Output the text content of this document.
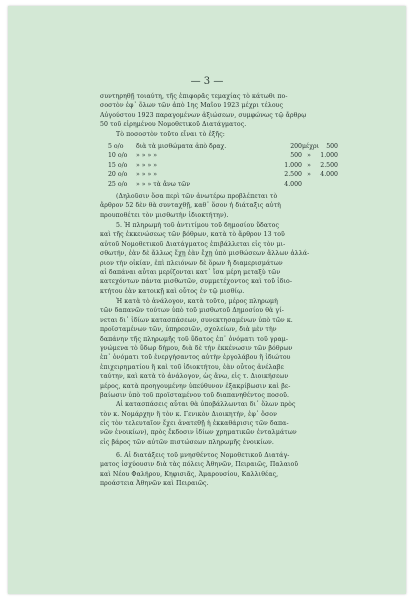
— 3 —
συντηρηθῇ τοιαύτη, τῆς ἐπιφορᾶς τεμαχίας τὸ κάτωθι πο-
σοστὸν ἐφ᾽ ὅλων τῶν ἀπὸ 1ης Μαΐου 1923 μέχρι τέλους
Αὐγούστου 1923 παραγομένων ἀξιώσεων, συμφώνως τῷ ἄρθρῳ
50 τοῦ εἰρημένου Νομοθετικοῦ Διατάγματος.
Τὸ ποσοστὸν τοῦτο εἶναι τὸ ἑξῆς:
5 ο/ο	διὰ τὰ μισθώματα ἀπὸ δραχ.	200 μέχρι	500
10 ο/ο	» » » »	500 »	1.000
15 ο/ο	» » » »	1.000 »	2.500
20 ο/ο	» » » »	2.500 »	4.000
25 ο/ο	» » » τὰ ἄνω τῶν	4.000
(Δηλοῦσιν ὅσα περὶ τῶν ἀνωτέρω προβλέπεται τὸ
ἄρθρον 52 δὲν θὰ συνταχθῇ, καθ᾽ ὅσον ἡ διάταξις αὐτὴ
προυποθέτει τὸν μισθωτὴν ἰδιοκτήτην).
5. Ἡ πληρωμὴ τοῦ ἀντιτίμου τοῦ δημοσίου ὕδατος
καὶ τῆς ἐκκενώσεως τῶν βόθρων, κατὰ τὸ ἄρθρον 13 τοῦ
αὐτοῦ Νομοθετικοῦ Διατάγματος ἐπιβάλλεται εἰς τὸν μι-
σθωτήν, ἐὰν δὲ ἄλλως ἔχῃ ἐὰν ἔχῃ ὑπὸ μισθώσεων ἄλλων ἀλλά-
ριον τὴν οἰκίαν, ἐπὶ πλειόνων δὲ ὅρων ἢ διαμερισμάτων
αἱ δαπάναι αὗται μερίζονται κατ᾽ ἴσα μέρη μεταξὺ τῶν
κατεχόντων πάντα μισθωτῶν, συμμετέχοντος καὶ τοῦ ἰδιο-
κτήτου ἐὰν κατοικῇ καὶ οὗτος ἐν τῷ μισθίῳ.
Ἡ κατὰ τὸ ἀνάλογον, κατὰ τοῦτο, μέρος πληρωμὴ
τῶν δαπανῶν τούτων ὑπὸ τοῦ μισθωτοῦ Δημοσίου θὰ γί-
νεται δι᾽ ἰδίων κατασπάσεων, συνεκτησαμένων ὑπὸ τῶν κ.
προϊσταμένων τῶν, ὑπηρεσιῶν, σχολείων, διὰ μὲν τὴν
δαπάνην τῆς πληρωμῆς τοῦ ὕδατος ἐπ᾽ ὀνόματι τοῦ γραμ-
γνώμενα τὸ ὕδωρ δήμου, διὰ δὲ τὴν ἐκκένωσιν τῶν βόθρων
ἐπ᾽ ὀνόματι τοῦ ἐνεργήσαντος αὐτὴν ἐργολάβου ἢ ἰδιώτου
ἐπιχειρηματίου ἢ καὶ τοῦ ἰδιοκτήτου, ἐὰν οὗτος ἀνέλαβε
ταύτην, καὶ κατὰ τὸ ἀνάλογον, ὡς ἄνω, εἰς τ. Διοικήσεων
μέρος, κατὰ προηγουμένην ὑπεύθυνον ἐξακρίβωσιν καὶ βε-
βαίωσιν ὑπὸ τοῦ προϊσταμένου τοῦ διαπανηθέντος ποσοῦ.
Αἱ κατασπάσεις αὗται θὰ ὑποβάλλωνται δι᾽ ὅλων πρὸς
τὸν κ. Νομάρχην ἢ τὸν κ. Γενικὸν Διοικητήν, ἐφ᾽ ὅσον
εἰς τὸν τελευταῖον ἔχει ἀνατεθῇ ἡ ἐκκαθάρισις τῶν δαπα-
νῶν ἐνοικίων), πρὸς ἔκδοσιν ἰδίων χρηματικῶν ἐνταλμάτων
εἰς βάρος τῶν αὐτῶν πιστώσεων πληρωμῆς ἐνοικίων.
6. Αἱ διατάξεις τοῦ μνησθέντος Νομοθετικοῦ Διατάγ-
ματος ἰσχύουσιν διὰ τὰς πόλεις Ἀθηνῶν, Πειραιῶς, Παλαιοῦ
καὶ Νέου Φαλήρου, Κηφισιᾶς, Ἀμαρουσίου, Καλλιθέας,
προάστεια Ἀθηνῶν καὶ Πειραιῶς.
